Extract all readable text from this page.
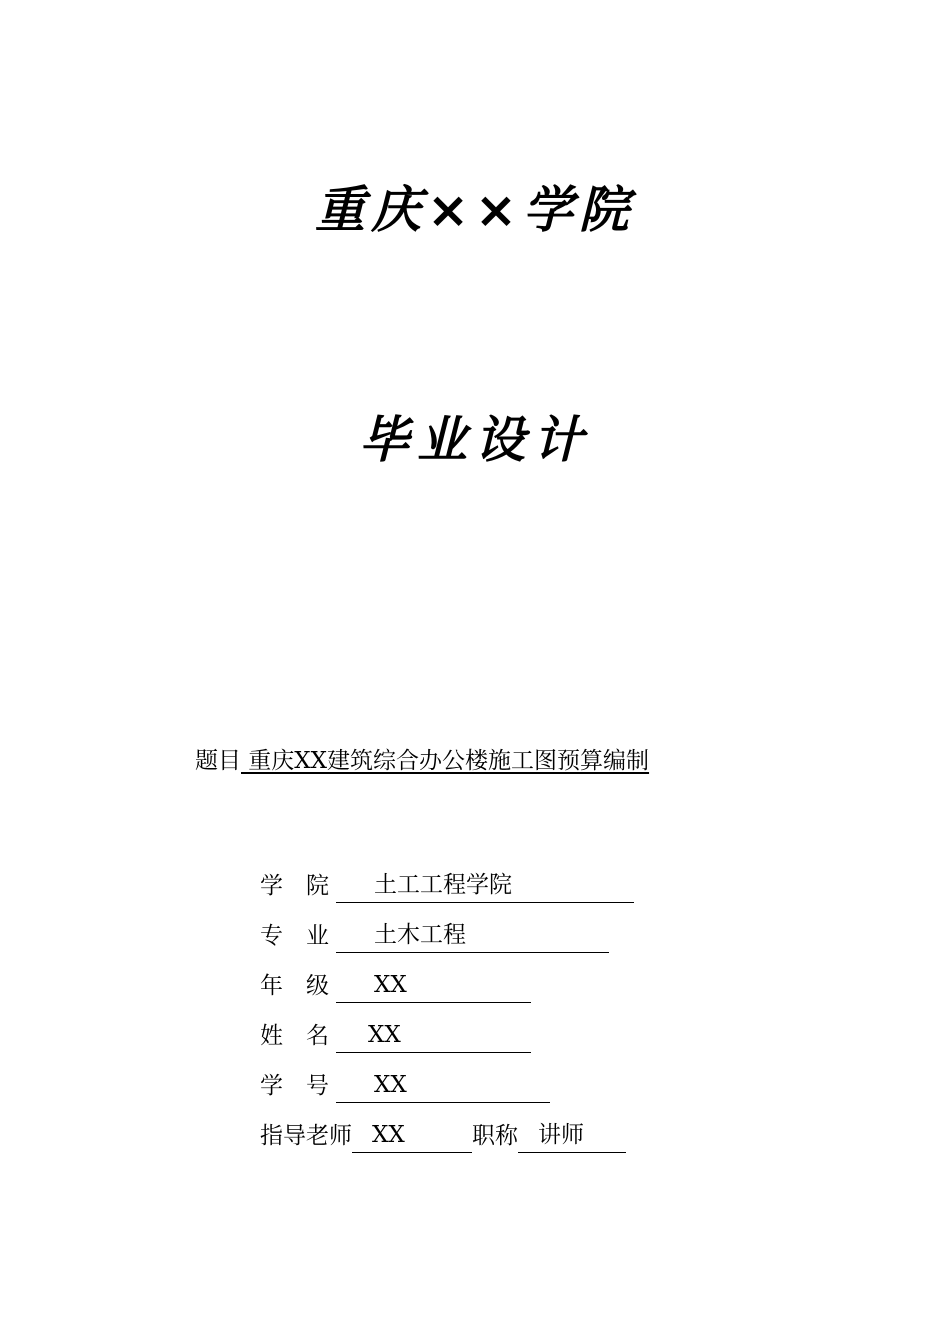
重庆××学院
毕业设计
题目 重庆XX建筑综合办公楼施工图预算编制
学　院	土工工程学院
专　业	土木工程
年　级	XX
姓　名	XX
学　号	XX
指导老师 XX	职称 讲师
